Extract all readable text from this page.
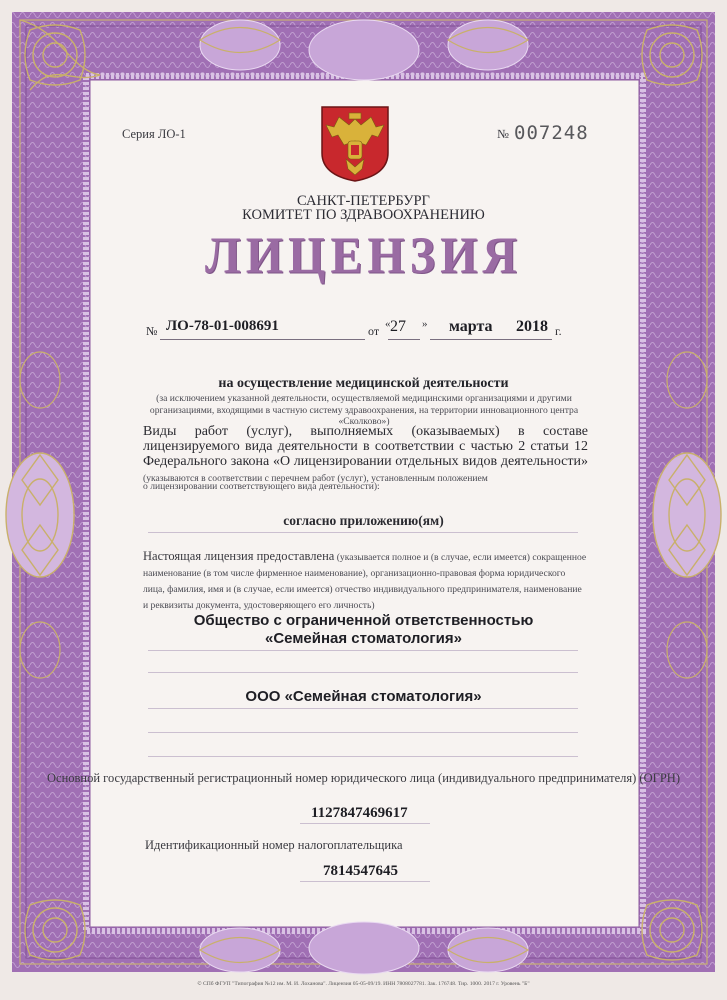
Серия ЛО-1	№ 007248
САНКТ-ПЕТЕРБУРГ
КОМИТЕТ ПО ЗДРАВООХРАНЕНИЮ
ЛИЦЕНЗИЯ
№ ЛО-78-01-008691	от « 27 » марта 2018 г.
на осуществление медицинской деятельности
(за исключением указанной деятельности, осуществляемой медицинскими организациями и другими организациями, входящими в частную систему здравоохранения, на территории инновационного центра «Сколково»)
Виды работ (услуг), выполняемых (оказываемых) в составе лицензируемого вида деятельности в соответствии с частью 2 статьи 12 Федерального закона «О лицензировании отдельных видов деятельности» (указываются в соответствии с перечнем работ (услуг), установленным положением
о лицензировании соответствующего вида деятельности):
согласно приложению(ям)
Настоящая лицензия предоставлена (указывается полное и (в случае, если имеется) сокращенное наименование (в том числе фирменное наименование), организационно-правовая форма юридического лица, фамилия, имя и (в случае, если имеется) отчество индивидуального предпринимателя, наименование и реквизиты документа, удостоверяющего его личность)
Общество с ограниченной ответственностью
«Семейная стоматология»
ООО «Семейная стоматология»
Основной государственный регистрационный номер юридического лица (индивидуального предпринимателя) (ОГРН)
1127847469617
Идентификационный номер налогоплательщика
7814547645
© СПб ФГУП "Типография №12 им. М. И. Лоханова". Лицензия 05-05-09/19. ИНН 7808027781. Зак. 176748. Тир. 1000. 2017 г. Уровень "Б"
